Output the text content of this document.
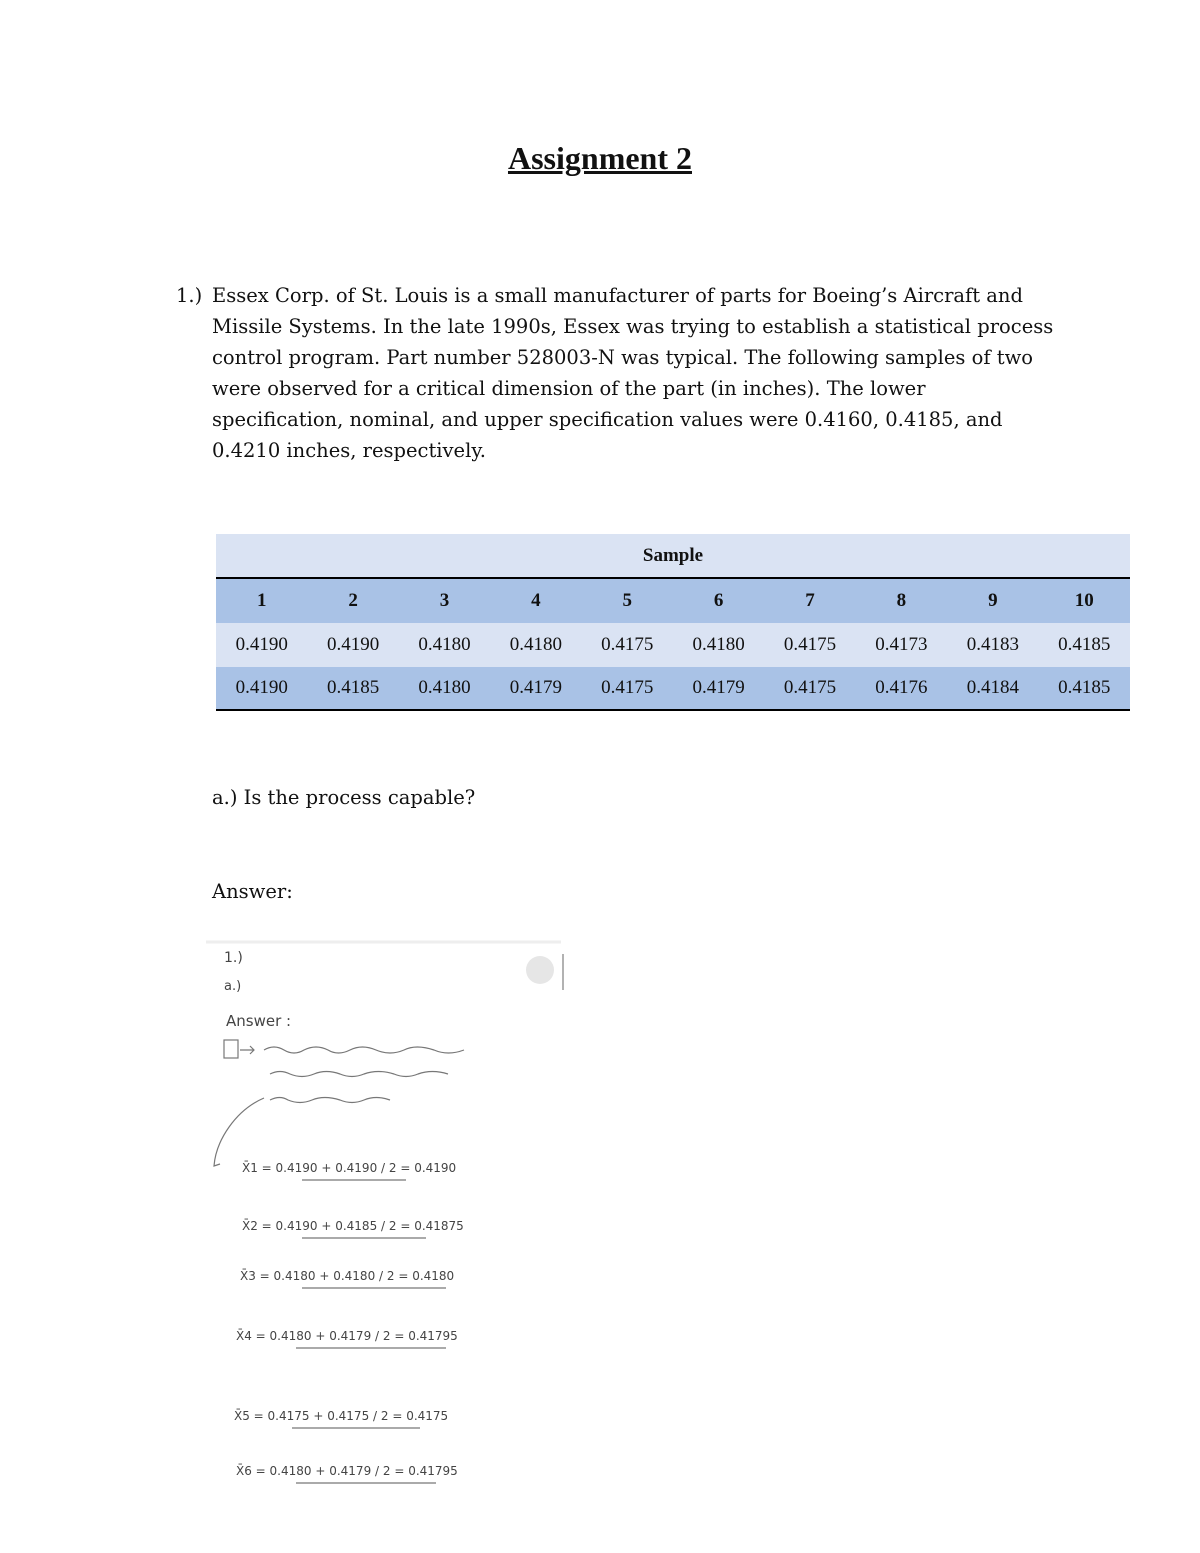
Assignment 2
1.) Essex Corp. of St. Louis is a small manufacturer of parts for Boeing’s Aircraft and Missile Systems. In the late 1990s, Essex was trying to establish a statistical process control program. Part number 528003-N was typical. The following samples of two were observed for a critical dimension of the part (in inches). The lower specification, nominal, and upper specification values were 0.4160, 0.4185, and 0.4210 inches, respectively.
Sample									
1	2	3	4	5	6	7	8	9	10
0.4190	0.4190	0.4180	0.4180	0.4175	0.4180	0.4175	0.4173	0.4183	0.4185
0.4190	0.4185	0.4180	0.4179	0.4175	0.4179	0.4175	0.4176	0.4184	0.4185
a.) Is the process capable?
Answer:
1.)
a.)
Answer :
X̄1 = 0.4190 + 0.4190 / 2 = 0.4190
X̄2 = 0.4190 + 0.4185 / 2 = 0.41875
X̄3 = 0.4180 + 0.4180 / 2 = 0.4180
X̄4 = 0.4180 + 0.4179 / 2 = 0.41795
X̄5 = 0.4175 + 0.4175 / 2 = 0.4175
X̄6 = 0.4180 + 0.4179 / 2 = 0.41795
